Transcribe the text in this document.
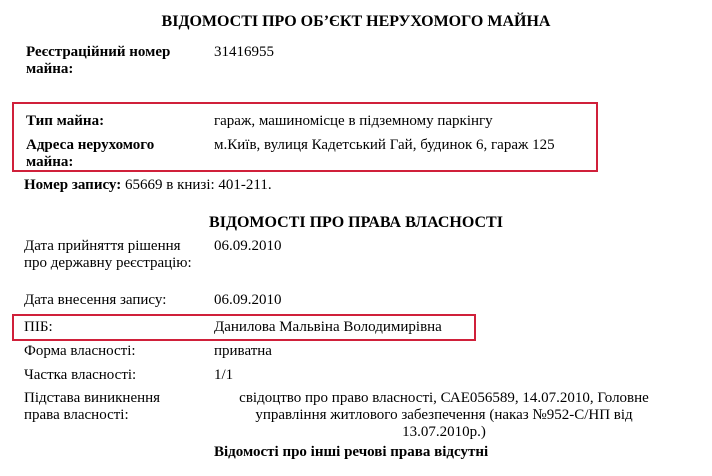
ВІДОМОСТІ ПРО ОБ’ЄКТ НЕРУХОМОГО МАЙНА
Реєстраційний номер майна:
31416955
Тип майна:	гараж, машиномісце в підземному паркінгу
Адреса нерухомого майна:
м.Київ, вулиця Кадетський Гай, будинок 6, гараж 125
Номер запису: 65669 в книзі: 401-211.
ВІДОМОСТІ ПРО ПРАВА ВЛАСНОСТІ
Дата прийняття рішення про державну реєстрацію:
06.09.2010
Дата внесення запису:	06.09.2010
ПІБ:	Данилова Мальвіна Володимирівна
Форма власності:	приватна
Частка власності:	1/1
Підстава виникнення права власності:
свідоцтво про право власності, САЕ056589, 14.07.2010, Головне управління житлового забезпечення (наказ №952-С/НП від 13.07.2010р.)
Відомості про інші речові права відсутні
